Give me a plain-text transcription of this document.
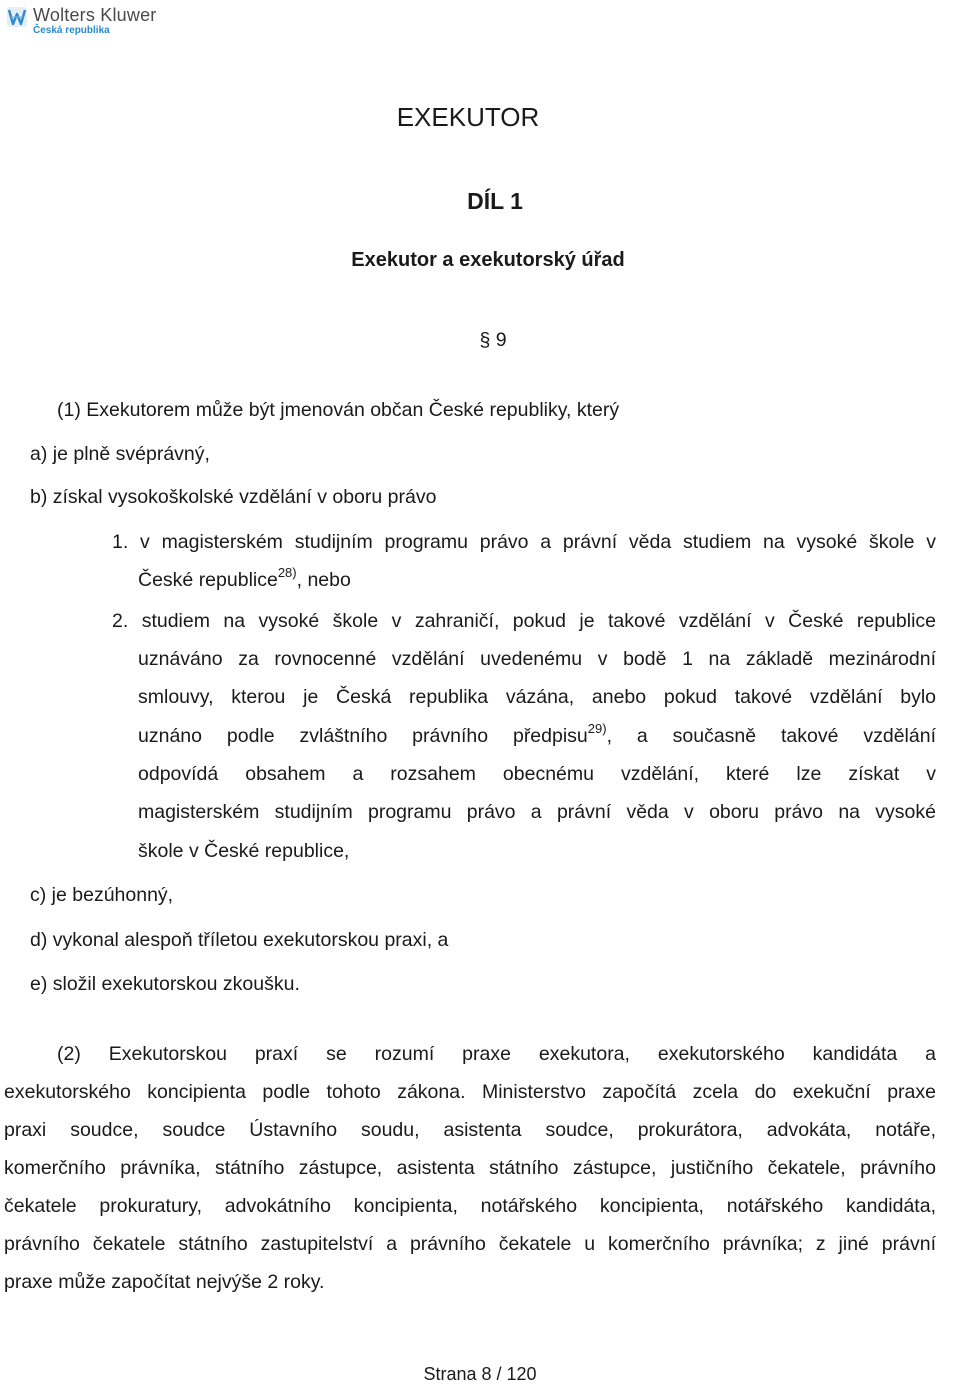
Wolters Kluwer
Česká republika
EXEKUTOR
DÍL 1
Exekutor a exekutorský úřad
§ 9
(1) Exekutorem může být jmenován občan České republiky, který
a) je plně svéprávný,
b) získal vysokoškolské vzdělání v oboru právo
1. v magisterském studijním programu právo a právní věda studiem na vysoké škole v
České republice$^{28)}$, nebo
2. studiem na vysoké škole v zahraničí, pokud je takové vzdělání v České republice
uznáváno za rovnocenné vzdělání uvedenému v bodě 1 na základě mezinárodní
smlouvy, kterou je Česká republika vázána, anebo pokud takové vzdělání bylo
uznáno podle zvláštního právního předpisu$^{29)}$, a současně takové vzdělání
odpovídá obsahem a rozsahem obecnému vzdělání, které lze získat v
magisterském studijním programu právo a právní věda v oboru právo na vysoké
škole v České republice,
c) je bezúhonný,
d) vykonal alespoň tříletou exekutorskou praxi, a
e) složil exekutorskou zkoušku.
(2) Exekutorskou praxí se rozumí praxe exekutora, exekutorského kandidáta a
exekutorského koncipienta podle tohoto zákona. Ministerstvo započítá zcela do exekuční praxe
praxi soudce, soudce Ústavního soudu, asistenta soudce, prokurátora, advokáta, notáře,
komerčního právníka, státního zástupce, asistenta státního zástupce, justičního čekatele, právního
čekatele prokuratury, advokátního koncipienta, notářského koncipienta, notářského kandidáta,
právního čekatele státního zastupitelství a právního čekatele u komerčního právníka; z jiné právní
praxe může započítat nejvýše 2 roky.
Strana 8 / 120
